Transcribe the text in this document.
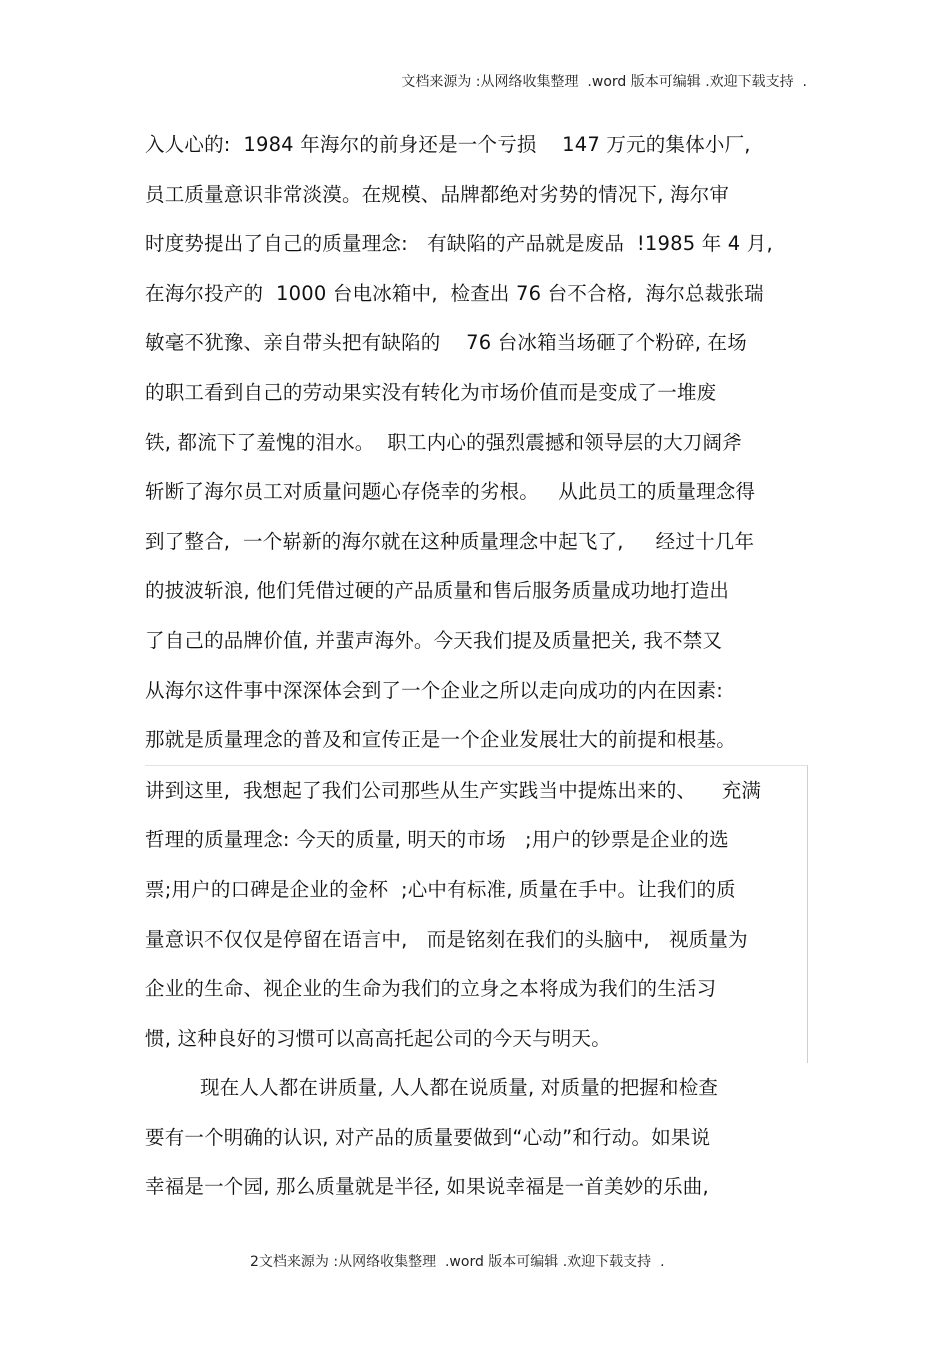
文档来源为 :从网络收集整理  .word 版本可编辑 .欢迎下载支持  .
入人心的:  1984 年海尔的前身还是一个亏损    147 万元的集体小厂,
员工质量意识非常淡漠。在规模、品牌都绝对劣势的情况下, 海尔审
时度势提出了自己的质量理念:   有缺陷的产品就是废品  !1985 年 4 月,
在海尔投产的  1000 台电冰箱中,  检查出 76 台不合格,  海尔总裁张瑞
敏毫不犹豫、亲自带头把有缺陷的    76 台冰箱当场砸了个粉碎, 在场
的职工看到自己的劳动果实没有转化为市场价值而是变成了一堆废
铁, 都流下了羞愧的泪水。  职工内心的强烈震撼和领导层的大刀阔斧
斩断了海尔员工对质量问题心存侥幸的劣根。   从此员工的质量理念得
到了整合,  一个崭新的海尔就在这种质量理念中起飞了,     经过十几年
的披波斩浪, 他们凭借过硬的产品质量和售后服务质量成功地打造出
了自己的品牌价值, 并蜚声海外。今天我们提及质量把关, 我不禁又
从海尔这件事中深深体会到了一个企业之所以走向成功的内在因素:
那就是质量理念的普及和宣传正是一个企业发展壮大的前提和根基。
讲到这里,  我想起了我们公司那些从生产实践当中提炼出来的、    充满
哲理的质量理念: 今天的质量, 明天的市场   ;用户的钞票是企业的选
票;用户的口碑是企业的金杯  ;心中有标准, 质量在手中。让我们的质
量意识不仅仅是停留在语言中,   而是铭刻在我们的头脑中,   视质量为
企业的生命、视企业的生命为我们的立身之本将成为我们的生活习
惯, 这种良好的习惯可以高高托起公司的今天与明天。
现在人人都在讲质量, 人人都在说质量, 对质量的把握和检查
要有一个明确的认识, 对产品的质量要做到“心动”和行动。如果说
幸福是一个园, 那么质量就是半径, 如果说幸福是一首美妙的乐曲,
2文档来源为 :从网络收集整理  .word 版本可编辑 .欢迎下载支持  .
